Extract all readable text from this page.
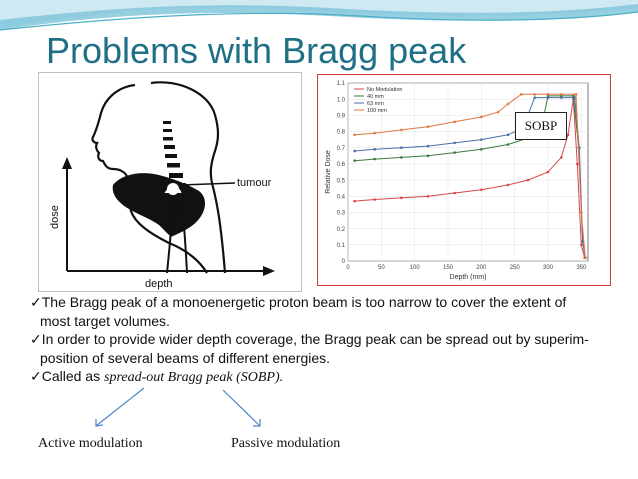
Problems with Bragg peak
tumour
dose
depth
0
0.1
0.2
0.3
0.4
0.5
0.6
0.7
0.8
0.9
1.0
1.1
0	50	100	150	200	250	300	350
No Modulation
40 mm
63 mm
100 mm
Depth (mm)
Relative Dose
SOBP

✓The Bragg peak of a monoenergetic proton beam is too narrow to cover the extent of

most target volumes.

✓In order to provide wider depth coverage, the Bragg peak can be spread out by superim-

position of several beams of different energies.

✓Called as spread-out Bragg peak (SOBP).

Active modulation	Passive modulation
